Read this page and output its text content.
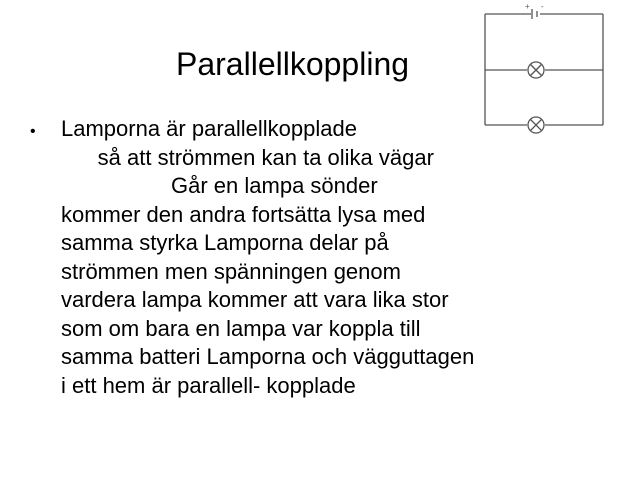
Parallellkoppling
• Lamporna är parallellkopplade
så att strömmen kan ta olika vägar
Går en lampa sönder
kommer den andra fortsätta lysa med
samma styrka Lamporna delar på
strömmen men spänningen genom
vardera lampa kommer att vara lika stor
som om bara en lampa var koppla till
samma batteri Lamporna och vägguttagen
i ett hem är parallell- kopplade
+ -
